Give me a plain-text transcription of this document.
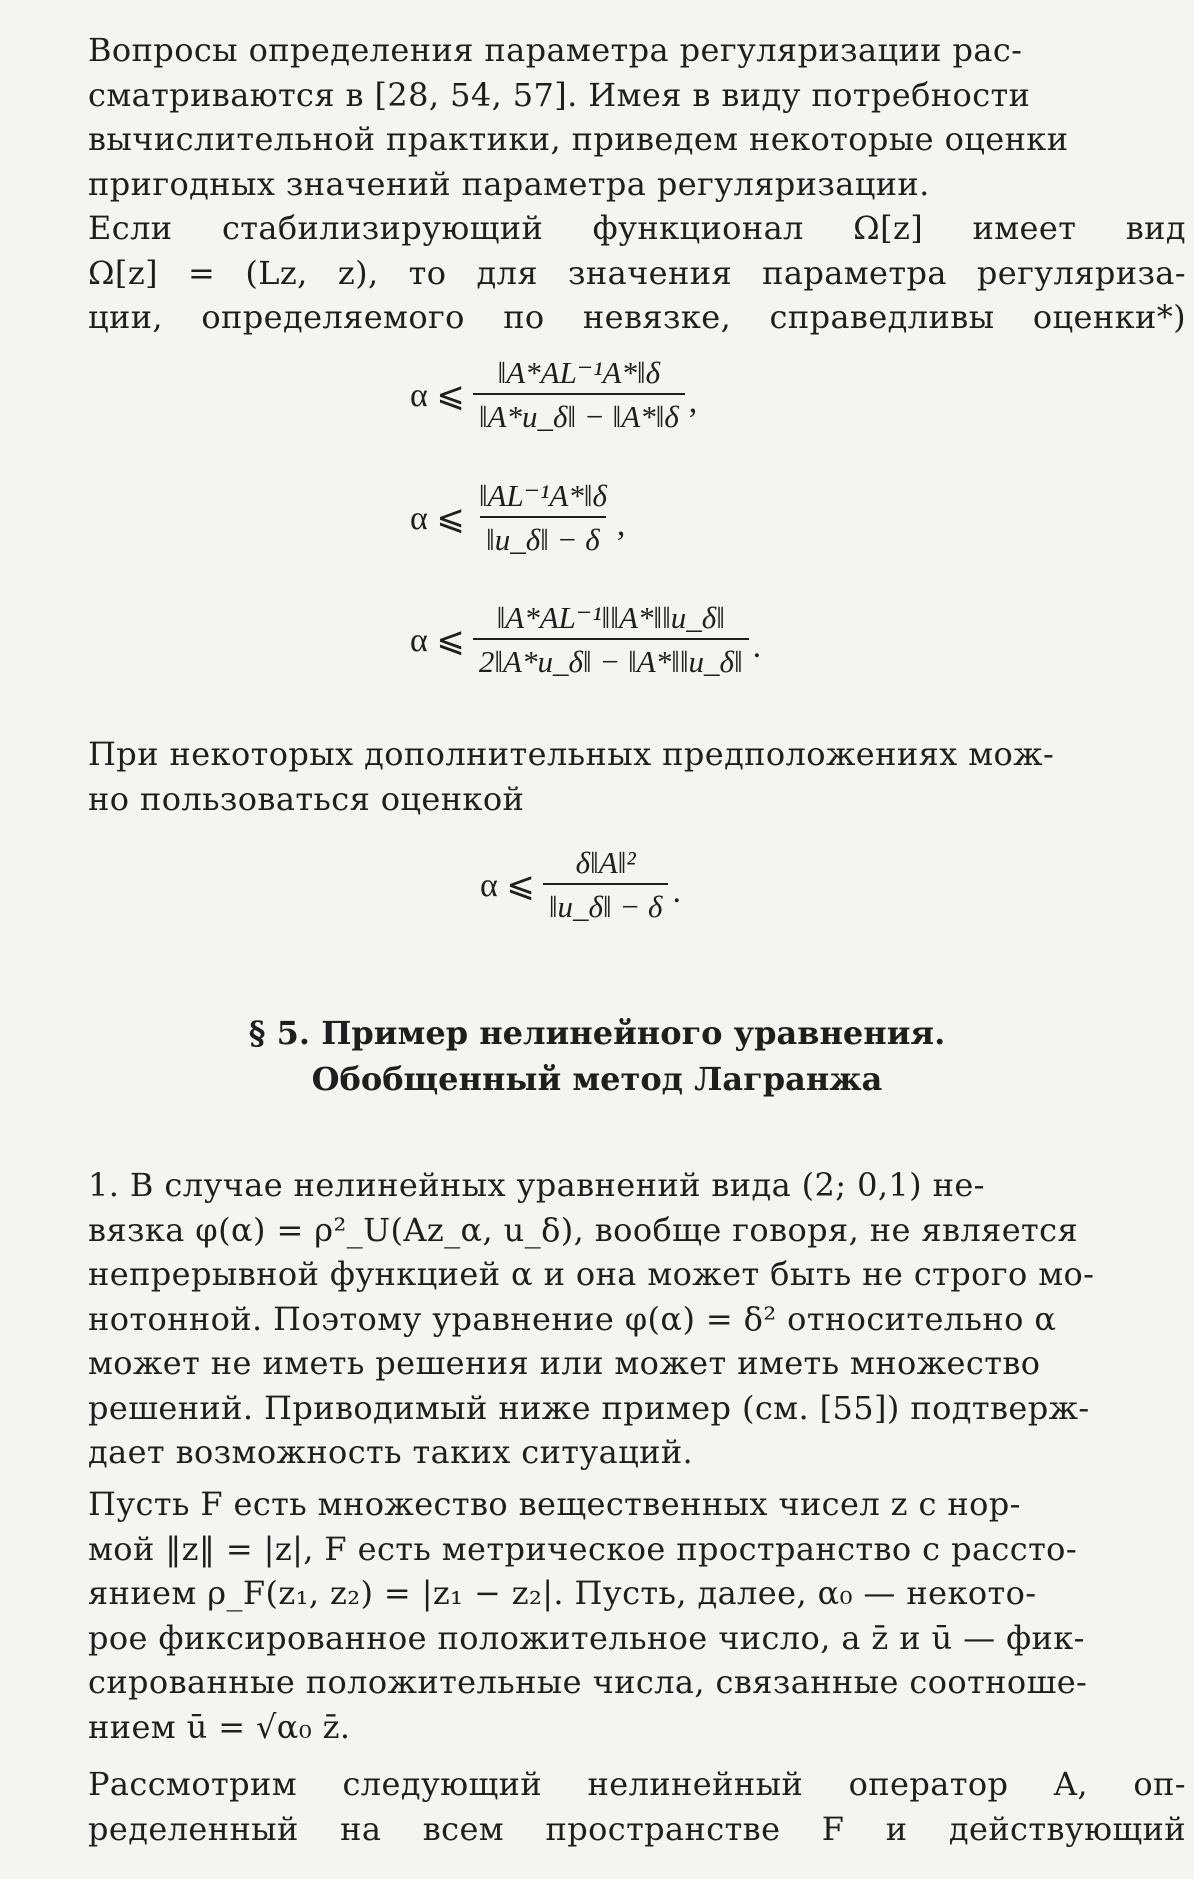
Вопросы определения параметра регуляризации рас-
сматриваются в [28, 54, 57]. Имея в виду потребности
вычислительной практики, приведем некоторые оценки
пригодных значений параметра регуляризации.

Если стабилизирующий функционал Ω[z] имеет вид
Ω[z] = (Lz, z), то для значения параметра регуляриза-
ции, определяемого по невязке, справедливы оценки*)

α ⩽ $\frac{\text{‖A*AL⁻¹A*‖δ}}{‖A*u\_\delta‖ - ‖A*‖\delta}$ ,
α ⩽ $\frac{\text{‖AL⁻¹A*‖δ}}{‖u\_\delta‖ - \delta}$ ,
α ⩽ $\frac{\text{‖A*AL⁻¹‖‖A*‖‖u\_δ‖}}{2‖A*u\_\delta‖ - ‖A*‖‖u\_\delta‖}$ .

При некоторых дополнительных предположениях мож-
но пользоваться оценкой

α ⩽ $\frac{\text{δ‖A‖²}}{‖u\_\delta‖ - \delta}$ .
§ 5. Пример нелинейного уравнения.
Обобщенный метод Лагранжа

1. В случае нелинейных уравнений вида (2; 0,1) не-
вязка φ(α) = ρ²_U(Az_α, u_δ), вообще говоря, не является
непрерывной функцией α и она может быть не строго мо-
нотонной. Поэтому уравнение φ(α) = δ² относительно α
может не иметь решения или может иметь множество
решений. Приводимый ниже пример (см. [55]) подтверж-
дает возможность таких ситуаций.

Пусть F есть множество вещественных чисел z с нор-
мой ‖z‖ = |z|, F есть метрическое пространство с рассто-
янием ρ_F(z₁, z₂) = |z₁ − z₂|. Пусть, далее, α₀ — некото-
рое фиксированное положительное число, а z̄ и ū — фик-
сированные положительные числа, связанные соотноше-
нием ū = √α₀ z̄.

Рассмотрим следующий нелинейный оператор A, оп-
ределенный на всем пространстве F и действующий
